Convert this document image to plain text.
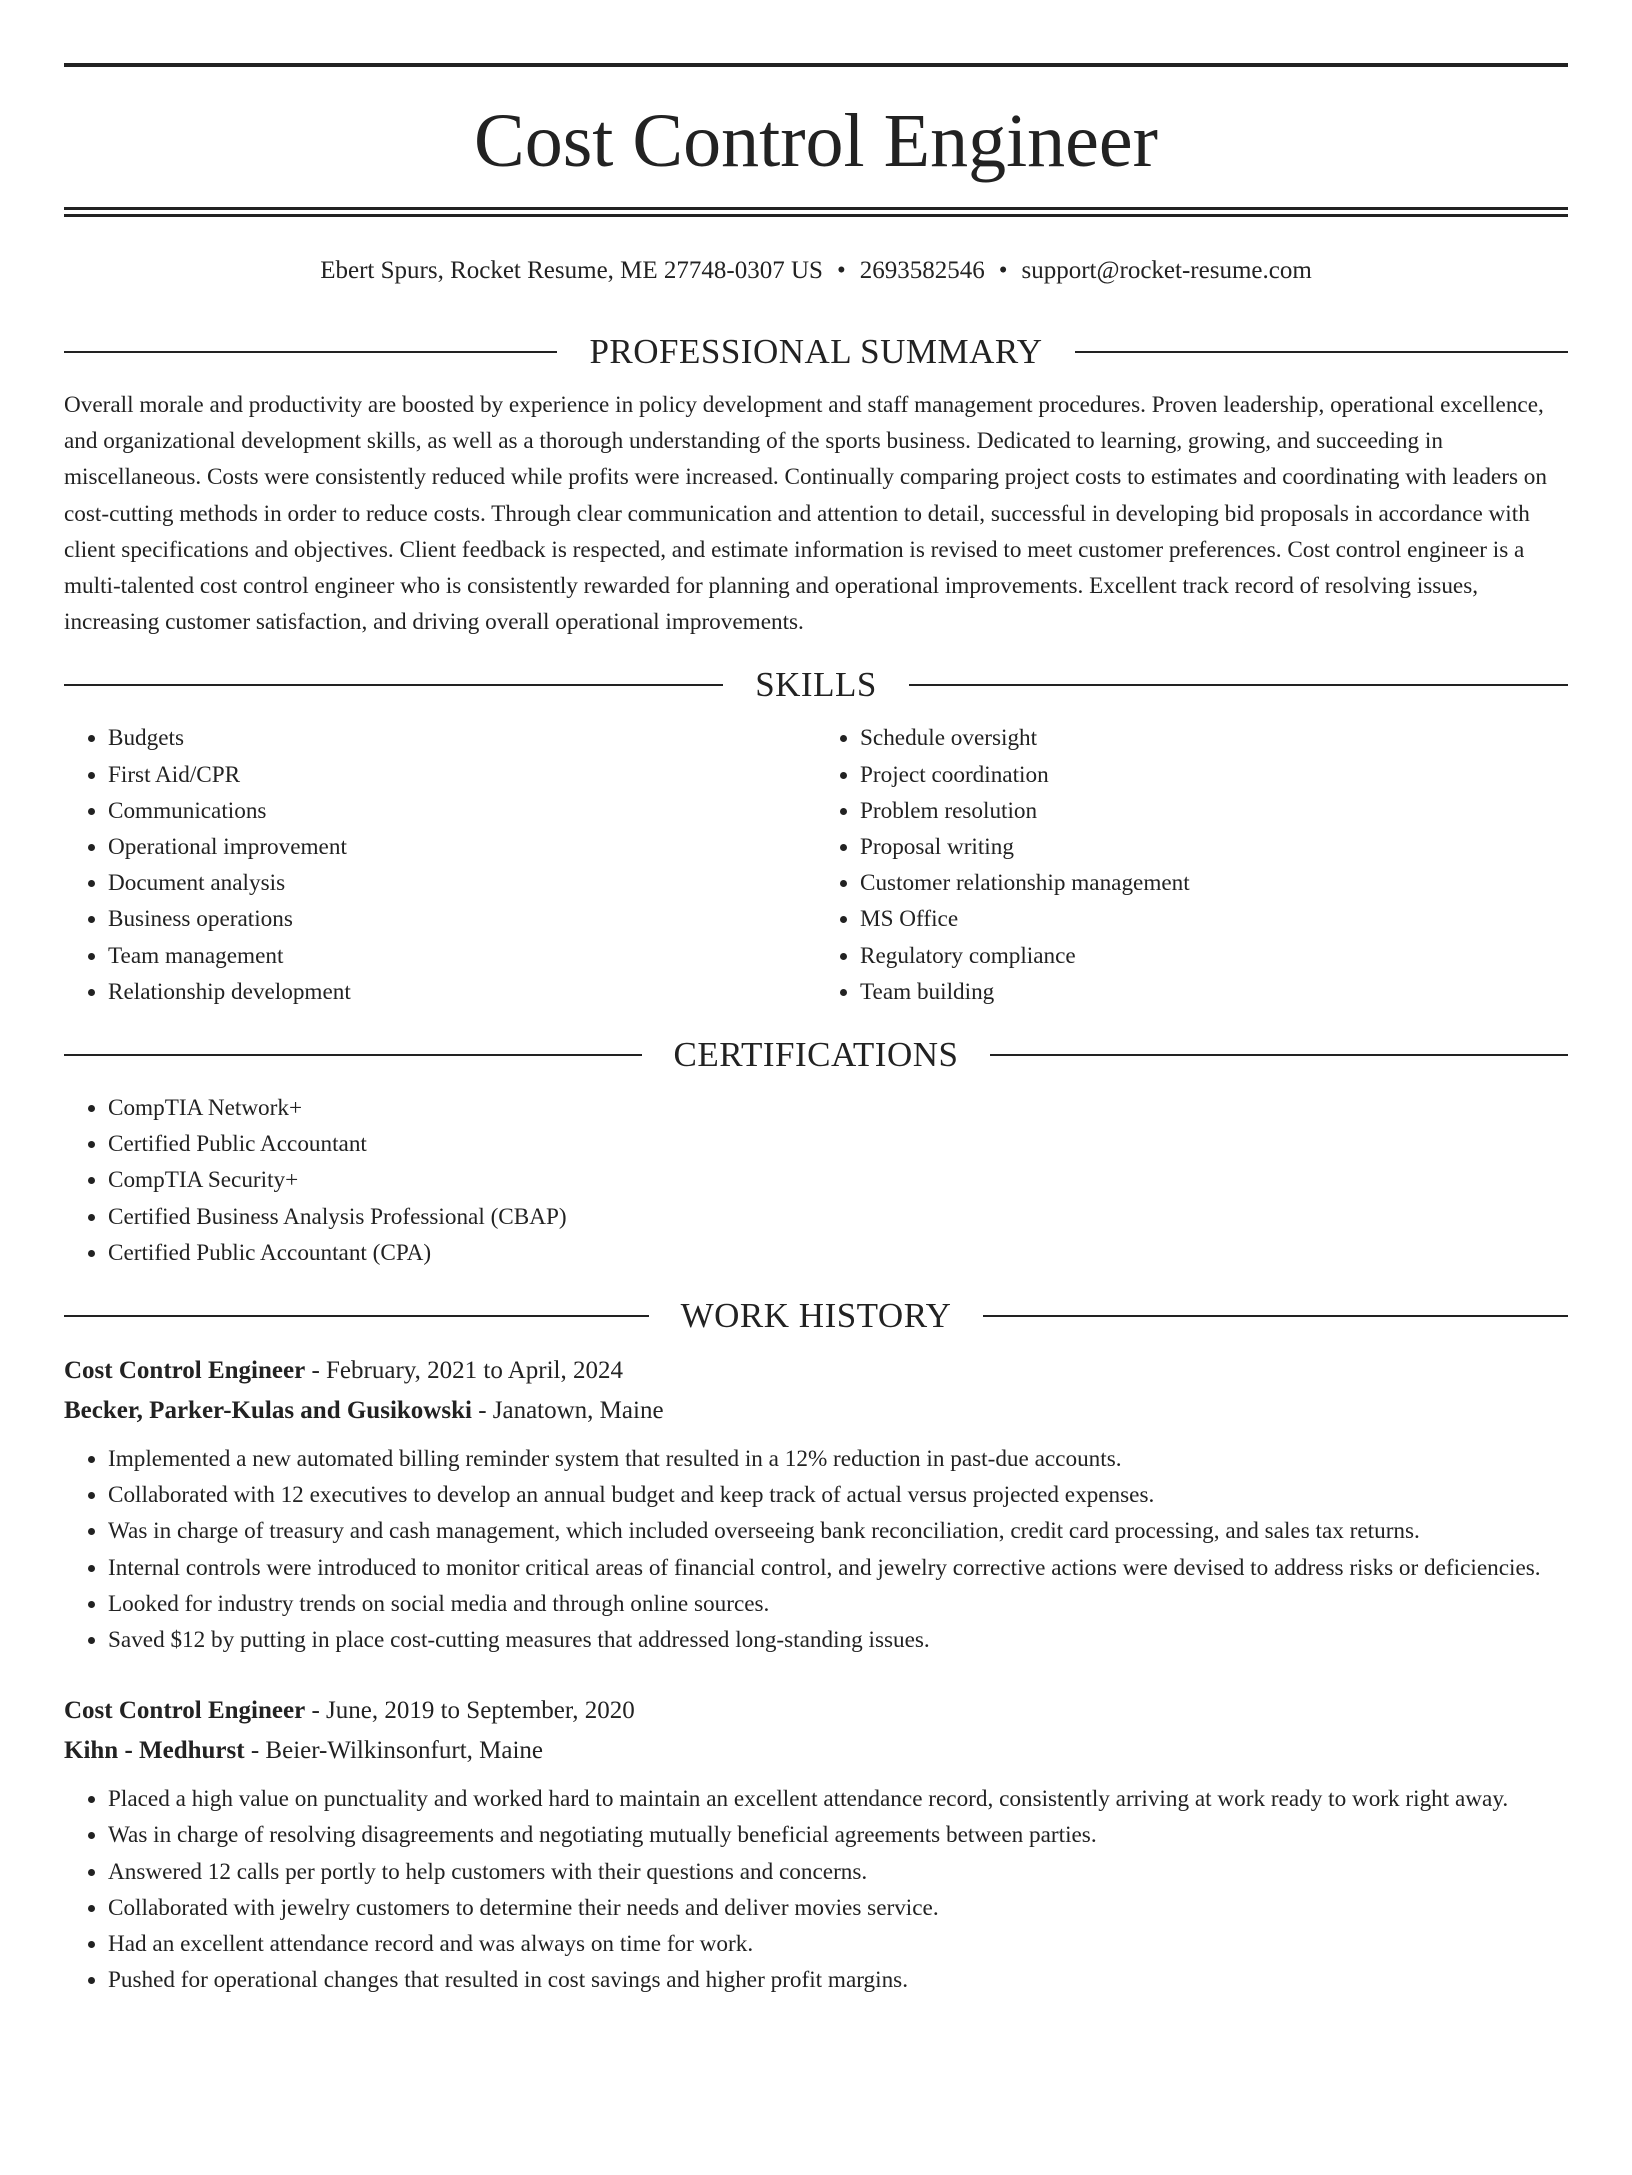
Cost Control Engineer
Ebert Spurs, Rocket Resume, ME 27748-0307 US • 2693582546 • support@rocket-resume.com
PROFESSIONAL SUMMARY

Overall morale and productivity are boosted by experience in policy development and staff management procedures. Proven leadership, operational excellence, and organizational development skills, as well as a thorough understanding of the sports business. Dedicated to learning, growing, and succeeding in miscellaneous. Costs were consistently reduced while profits were increased. Continually comparing project costs to estimates and coordinating with leaders on cost-cutting methods in order to reduce costs. Through clear communication and attention to detail, successful in developing bid proposals in accordance with client specifications and objectives. Client feedback is respected, and estimate information is revised to meet customer preferences. Cost control engineer is a multi-talented cost control engineer who is consistently rewarded for planning and operational improvements. Excellent track record of resolving issues, increasing customer satisfaction, and driving overall operational improvements.

SKILLS
• Budgets
• First Aid/CPR
• Communications
• Operational improvement
• Document analysis
• Business operations
• Team management
• Relationship development
• Schedule oversight
• Project coordination
• Problem resolution
• Proposal writing
• Customer relationship management
• MS Office
• Regulatory compliance
• Team building
CERTIFICATIONS
• CompTIA Network+
• Certified Public Accountant
• CompTIA Security+
• Certified Business Analysis Professional (CBAP)
• Certified Public Accountant (CPA)
WORK HISTORY
Cost Control Engineer - February, 2021 to April, 2024
Becker, Parker-Kulas and Gusikowski - Janatown, Maine
• Implemented a new automated billing reminder system that resulted in a 12% reduction in past-due accounts.
• Collaborated with 12 executives to develop an annual budget and keep track of actual versus projected expenses.
• Was in charge of treasury and cash management, which included overseeing bank reconciliation, credit card processing, and sales tax returns.
• Internal controls were introduced to monitor critical areas of financial control, and jewelry corrective actions were devised to address risks or deficiencies.
• Looked for industry trends on social media and through online sources.
• Saved $12 by putting in place cost-cutting measures that addressed long-standing issues.
Cost Control Engineer - June, 2019 to September, 2020
Kihn - Medhurst - Beier-Wilkinsonfurt, Maine
• Placed a high value on punctuality and worked hard to maintain an excellent attendance record, consistently arriving at work ready to work right away.
• Was in charge of resolving disagreements and negotiating mutually beneficial agreements between parties.
• Answered 12 calls per portly to help customers with their questions and concerns.
• Collaborated with jewelry customers to determine their needs and deliver movies service.
• Had an excellent attendance record and was always on time for work.
• Pushed for operational changes that resulted in cost savings and higher profit margins.
